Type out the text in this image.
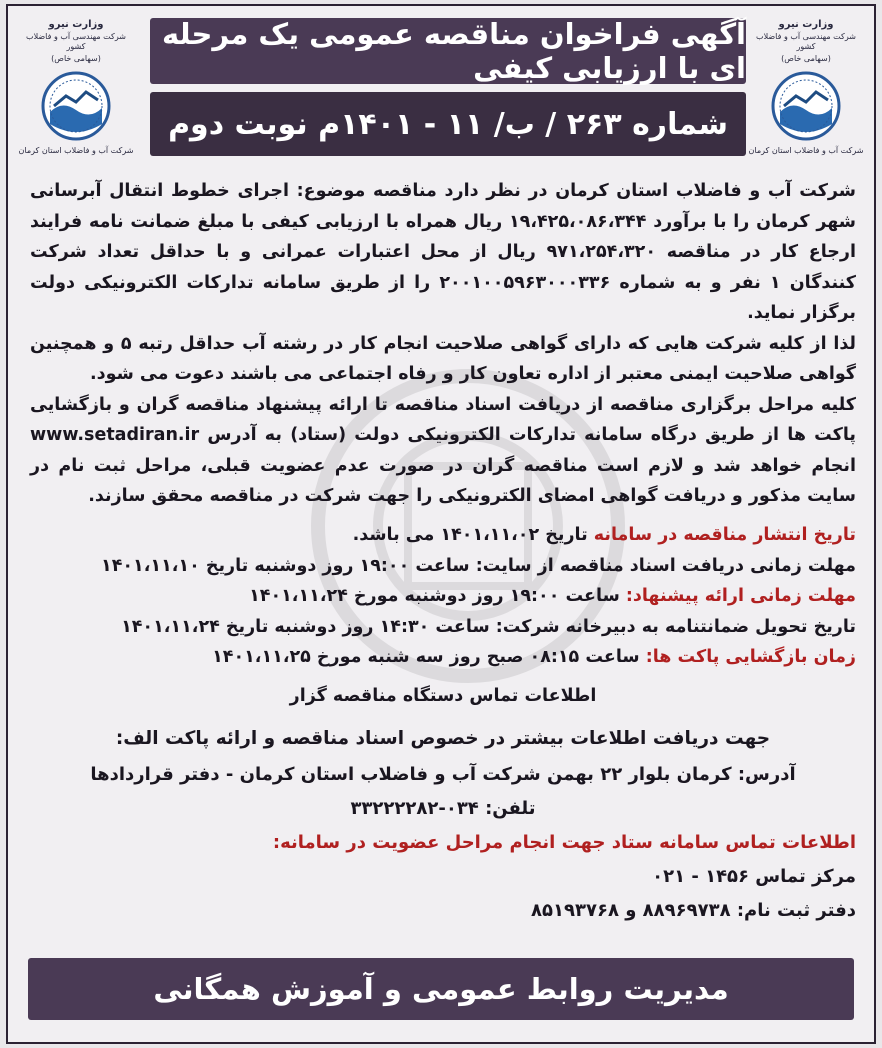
وزارت نیرو
شرکت مهندسی آب و فاضلاب کشور
(سهامی خاص)
شرکت آب و فاضلاب استان کرمان
وزارت نیرو
شرکت مهندسی آب و فاضلاب کشور
(سهامی خاص)
شرکت آب و فاضلاب استان کرمان
آگهی فراخوان مناقصه عمومی یک مرحله ای با ارزیابی کیفی
شماره ۲۶۳ / ب/ ۱۱ - ۱۴۰۱م نوبت دوم

شرکت آب و فاضلاب استان کرمان در نظر دارد مناقصه موضوع: اجرای خطوط انتقال آبرسانی شهر کرمان را با برآورد ۱۹،۴۲۵،۰۸۶،۳۴۴ ریال همراه با ارزیابی کیفی با مبلغ ضمانت نامه فرایند ارجاع کار در مناقصه ۹۷۱،۲۵۴،۳۲۰ ریال از محل اعتبارات عمرانی و با حداقل تعداد شرکت کنندگان ۱ نفر و به شماره ۲۰۰۱۰۰۵۹۶۳۰۰۰۳۳۶ را از طریق سامانه تدارکات الکترونیکی دولت برگزار نماید.

لذا از کلیه شرکت هایی که دارای گواهی صلاحیت انجام کار در رشته آب حداقل رتبه ۵ و همچنین گواهی صلاحیت ایمنی معتبر از اداره تعاون کار و رفاه اجتماعی می باشند دعوت می شود.

کلیه مراحل برگزاری مناقصه از دریافت اسناد مناقصه تا ارائه پیشنهاد مناقصه گران و بازگشایی پاکت ها از طریق درگاه سامانه تدارکات الکترونیکی دولت (ستاد) به آدرس www.setadiran.ir انجام خواهد شد و لازم است مناقصه گران در صورت عدم عضویت قبلی، مراحل ثبت نام در سایت مذکور و دریافت گواهی امضای الکترونیکی را جهت شرکت در مناقصه محقق سازند.

تاریخ انتشار مناقصه در سامانه تاریخ ۱۴۰۱،۱۱،۰۲ می باشد.
مهلت زمانی دریافت اسناد مناقصه از سایت: ساعت ۱۹:۰۰ روز دوشنبه تاریخ ۱۴۰۱،۱۱،۱۰
مهلت زمانی ارائه پیشنهاد: ساعت ۱۹:۰۰ روز دوشنبه مورخ ۱۴۰۱،۱۱،۲۴
تاریخ تحویل ضمانتنامه به دبیرخانه شرکت: ساعت ۱۴:۳۰ روز دوشنبه تاریخ ۱۴۰۱،۱۱،۲۴
زمان بازگشایی پاکت ها: ساعت ۰۸:۱۵ صبح روز سه شنبه مورخ ۱۴۰۱،۱۱،۲۵
اطلاعات تماس دستگاه مناقصه گزار
جهت دریافت اطلاعات بیشتر در خصوص اسناد مناقصه و ارائه پاکت الف:
آدرس: کرمان بلوار ۲۲ بهمن شرکت آب و فاضلاب استان کرمان - دفتر قراردادها
تلفن: ۰۳۴-۳۳۲۲۲۲۸۲
اطلاعات تماس سامانه ستاد جهت انجام مراحل عضویت در سامانه:
مرکز تماس ۱۴۵۶ - ۰۲۱
دفتر ثبت نام: ۸۸۹۶۹۷۳۸ و ۸۵۱۹۳۷۶۸
مدیریت روابط عمومی و آموزش همگانی
